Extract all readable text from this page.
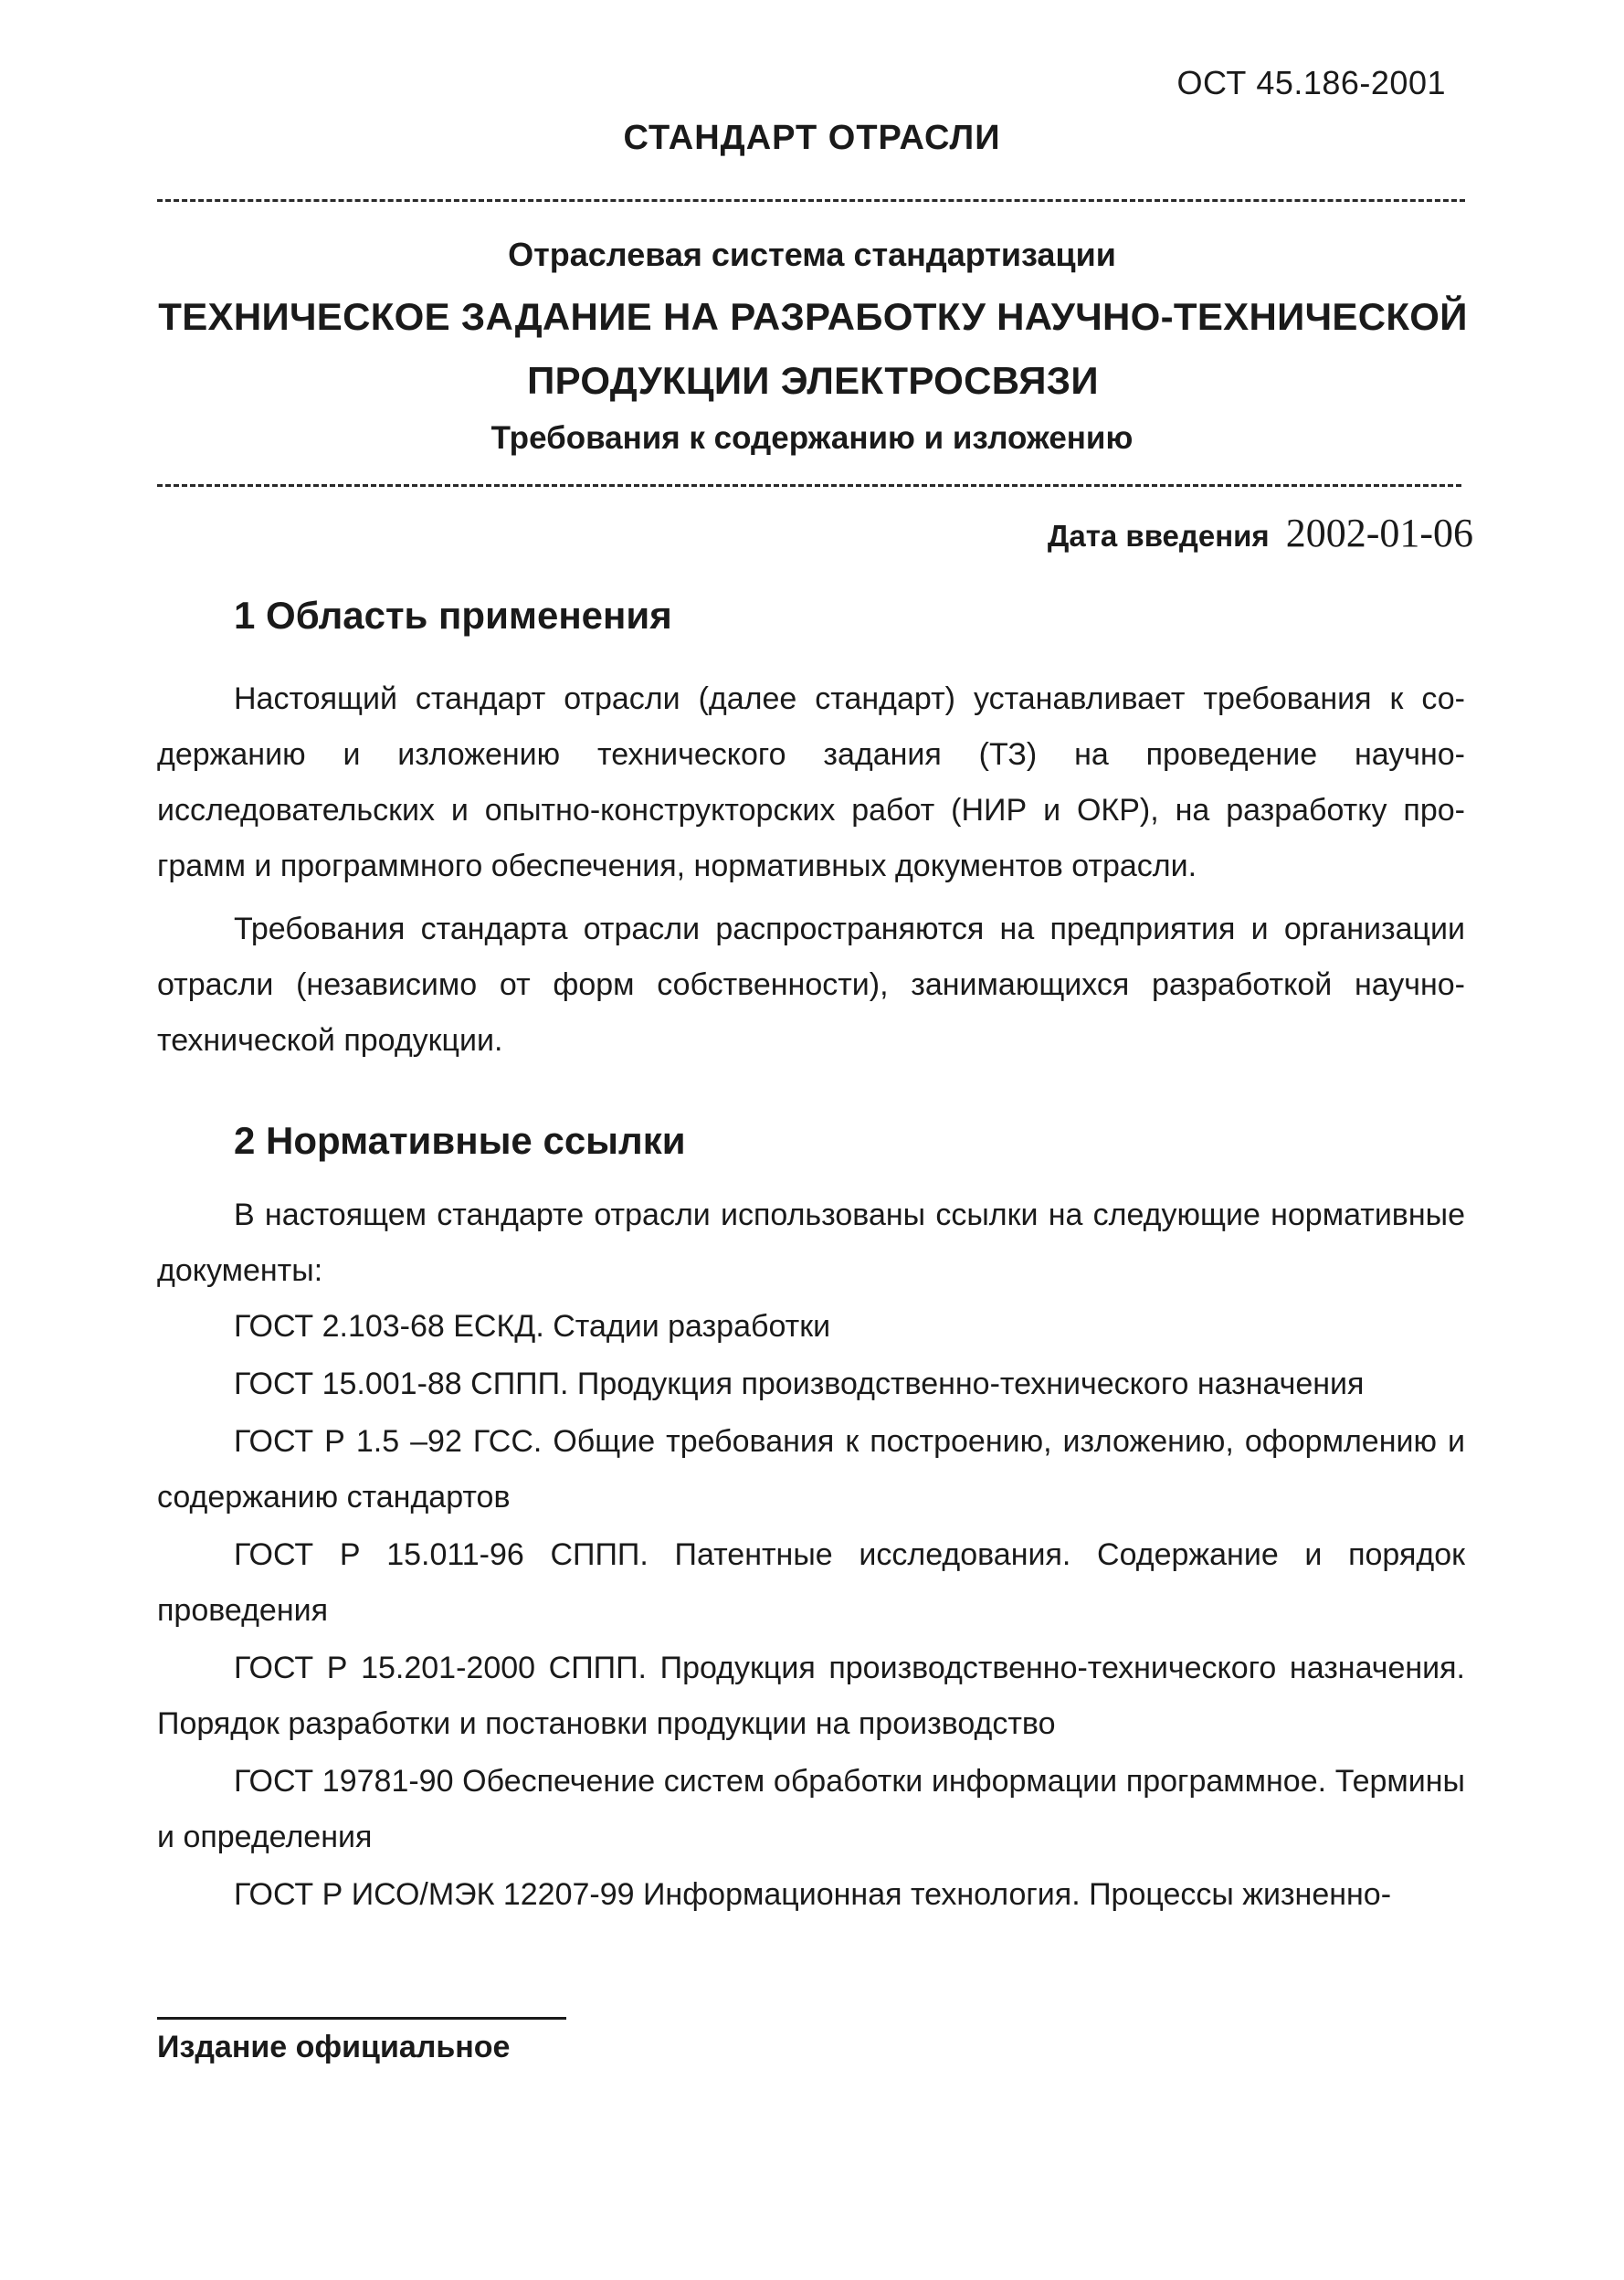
ОСТ 45.186-2001
СТАНДАРТ ОТРАСЛИ
Отраслевая система стандартизации
ТЕХНИЧЕСКОЕ ЗАДАНИЕ НА РАЗРАБОТКУ НАУЧНО-ТЕХНИЧЕСКОЙ ПРОДУКЦИИ ЭЛЕКТРОСВЯЗИ
Требования к содержанию и изложению
Дата введения 2002-01-06
1 Область применения
Настоящий стандарт отрасли (далее стандарт) устанавливает требования к содержанию и изложению технического задания (ТЗ) на проведение научно-исследовательских и опытно-конструкторских работ (НИР и ОКР), на разработку программ и программного обеспечения, нормативных документов отрасли.
Требования стандарта отрасли распространяются на предприятия и организации отрасли (независимо от форм собственности), занимающихся разработкой научно-технической продукции.
2 Нормативные ссылки
В настоящем стандарте отрасли использованы ссылки на следующие нормативные документы:
ГОСТ 2.103-68 ЕСКД. Стадии разработки
ГОСТ 15.001-88 СППП. Продукция производственно-технического назначения
ГОСТ Р 1.5 –92 ГСС. Общие требования к построению, изложению, оформлению и содержанию стандартов
ГОСТ Р 15.011-96 СППП. Патентные исследования. Содержание и порядок проведения
ГОСТ Р 15.201-2000 СППП. Продукция производственно-технического назначения. Порядок разработки и постановки продукции на производство
ГОСТ 19781-90 Обеспечение систем обработки информации программное. Термины и определения
ГОСТ Р ИСО/МЭК 12207-99 Информационная технология. Процессы жизненно-
Издание официальное
